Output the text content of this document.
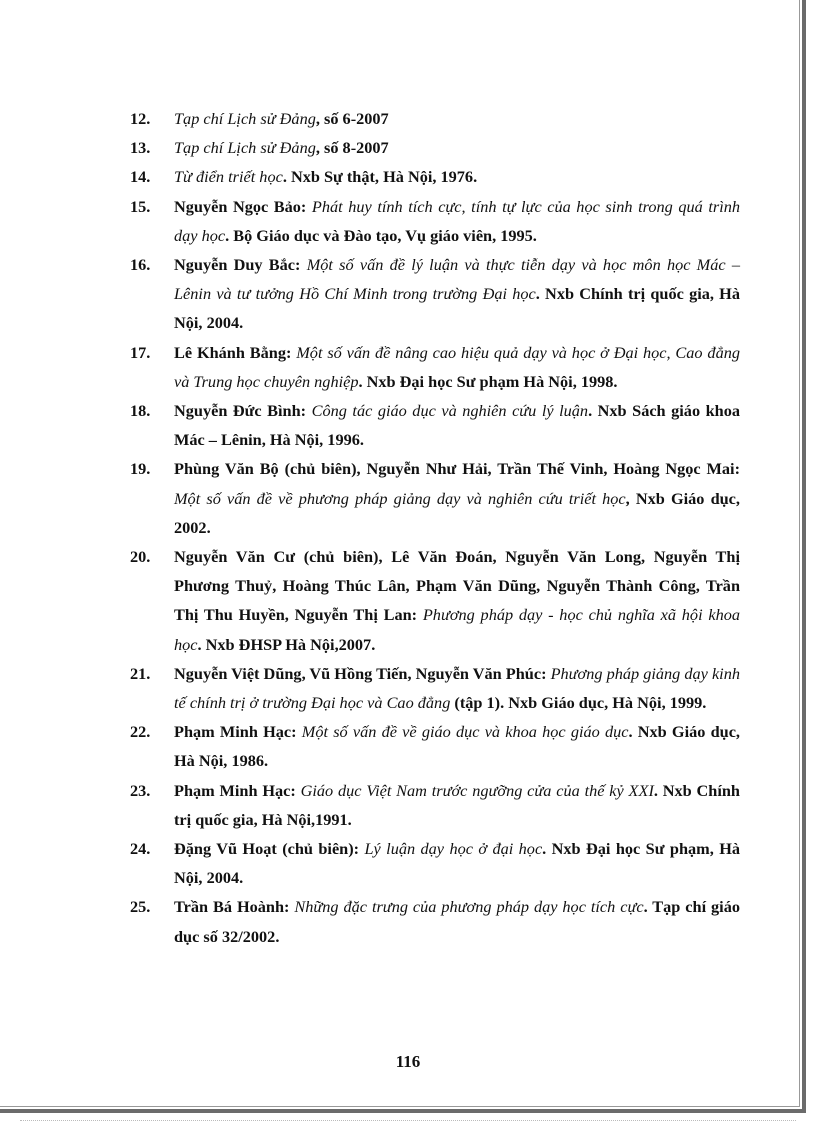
12.	Tạp chí Lịch sử Đảng, số 6-2007
13.	Tạp chí Lịch sử Đảng, số 8-2007
14.	Từ điển triết học. Nxb Sự thật, Hà Nội, 1976.
15.	Nguyễn Ngọc Bảo: Phát huy tính tích cực, tính tự lực của học sinh trong quá trình dạy học. Bộ Giáo dục và Đào tạo, Vụ giáo viên, 1995.
16.	Nguyễn Duy Bắc: Một số vấn đề lý luận và thực tiễn dạy và học môn học Mác – Lênin và tư tưởng Hồ Chí Minh trong trường Đại học. Nxb Chính trị quốc gia, Hà Nội, 2004.
17.	Lê Khánh Bằng: Một số vấn đề nâng cao hiệu quả dạy và học ở Đại học, Cao đẳng và Trung học chuyên nghiệp. Nxb Đại học Sư phạm Hà Nội, 1998.
18.	Nguyễn Đức Bình: Công tác giáo dục và nghiên cứu lý luận. Nxb Sách giáo khoa Mác – Lênin, Hà Nội, 1996.
19.	Phùng Văn Bộ (chủ biên), Nguyễn Như Hải, Trần Thế Vinh, Hoàng Ngọc Mai: Một số vấn đề về phương pháp giảng dạy và nghiên cứu triết học, Nxb Giáo dục, 2002.
20.	Nguyễn Văn Cư (chủ biên), Lê Văn Đoán, Nguyễn Văn Long, Nguyễn Thị Phương Thuỷ, Hoàng Thúc Lân, Phạm Văn Dũng, Nguyễn Thành Công, Trần Thị Thu Huyền, Nguyễn Thị Lan: Phương pháp dạy - học chủ nghĩa xã hội khoa học. Nxb ĐHSP Hà Nội,2007.
21.	Nguyễn Việt Dũng, Vũ Hồng Tiến, Nguyễn Văn Phúc: Phương pháp giảng dạy kinh tế chính trị ở trường Đại học và Cao đẳng (tập 1). Nxb Giáo dục, Hà Nội, 1999.
22.	Phạm Minh Hạc: Một số vấn đề về giáo dục và khoa học giáo dục. Nxb Giáo dục, Hà Nội, 1986.
23.	Phạm Minh Hạc: Giáo dục Việt Nam trước ngưỡng cửa của thế kỷ XXI. Nxb Chính trị quốc gia, Hà Nội,1991.
24.	Đặng Vũ Hoạt (chủ biên): Lý luận dạy học ở đại học. Nxb Đại học Sư phạm, Hà Nội, 2004.
25.	Trần Bá Hoành: Những đặc trưng của phương pháp dạy học tích cực. Tạp chí giáo dục số 32/2002.
116
